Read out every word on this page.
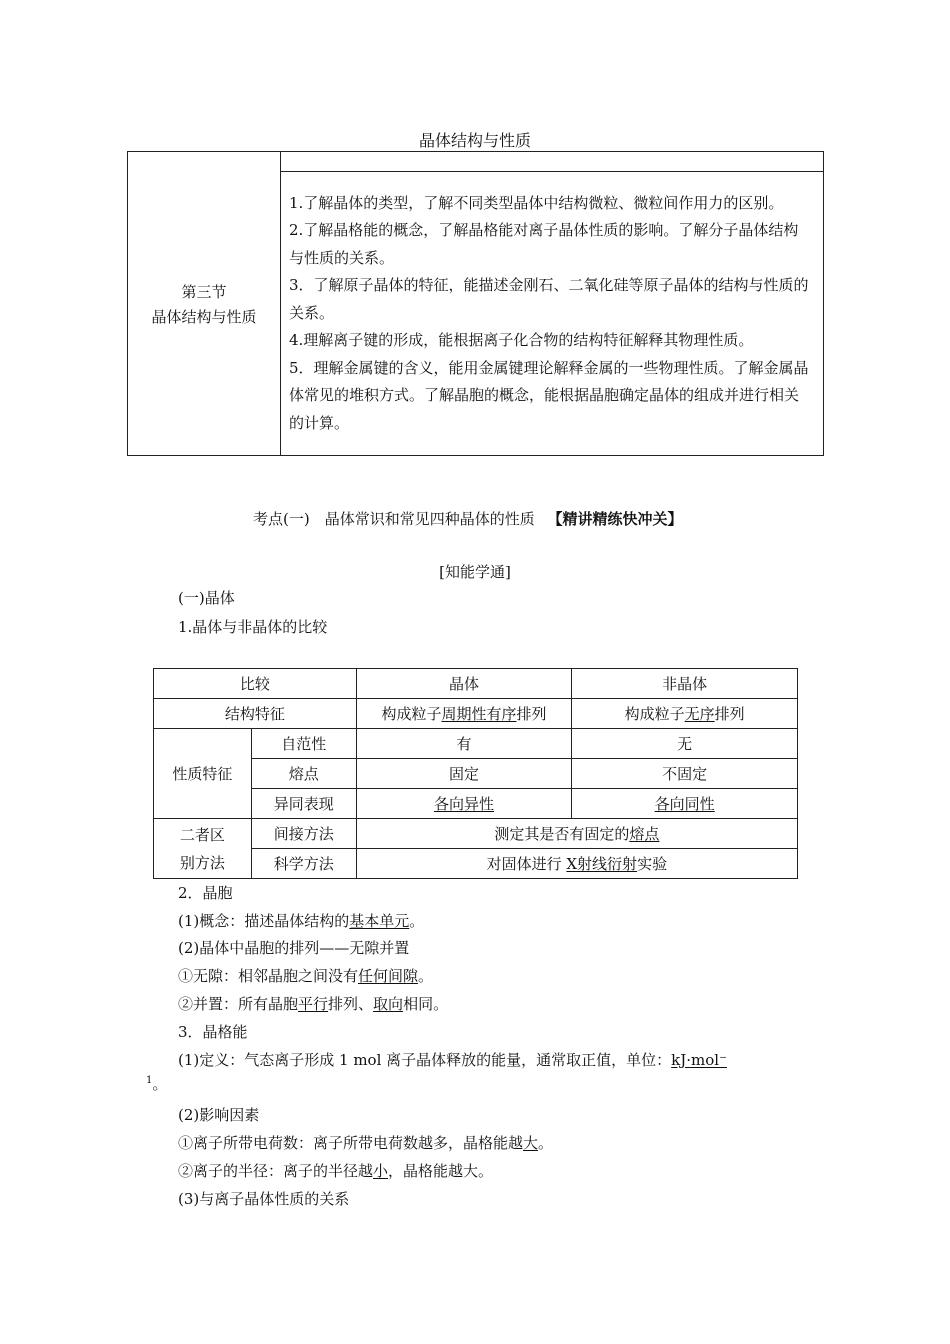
晶体结构与性质
第三节
晶体结构与性质

1.了解晶体的类型，了解不同类型晶体中结构微粒、微粒间作用力的区别。

2.了解晶格能的概念，了解晶格能对离子晶体性质的影响。了解分子晶体结构与性质的关系。

3．了解原子晶体的特征，能描述金刚石、二氧化硅等原子晶体的结构与性质的关系。

4.理解离子键的形成，能根据离子化合物的结构特征解释其物理性质。

5．理解金属键的含义，能用金属键理论解释金属的一些物理性质。了解金属晶体常见的堆积方式。了解晶胞的概念，能根据晶胞确定晶体的组成并进行相关的计算。

考点(一)　晶体常识和常见四种晶体的性质 【精讲精练快冲关】
[知能学通]
(一)晶体
1.晶体与非晶体的比较
比较		晶体	非晶体
结构特征		构成粒子周期性有序排列	构成粒子无序排列
性质特征	自范性	有	无
	熔点	固定	不固定
	异同表现	各向异性	各向同性

二者区
别方法	间接方法	测定其是否有固定的熔点	
	科学方法	对固体进行 X射线衍射实验	
2．晶胞
(1)概念：描述晶体结构的基本单元。
(2)晶体中晶胞的排列——无隙并置
①无隙：相邻晶胞之间没有任何间隙。
②并置：所有晶胞平行排列、取向相同。
3．晶格能
(1)定义：气态离子形成 1 mol 离子晶体释放的能量，通常取正值，单位：kJ·mol⁻
$^1$。
(2)影响因素
①离子所带电荷数：离子所带电荷数越多，晶格能越大。
②离子的半径：离子的半径越小，晶格能越大。
(3)与离子晶体性质的关系
